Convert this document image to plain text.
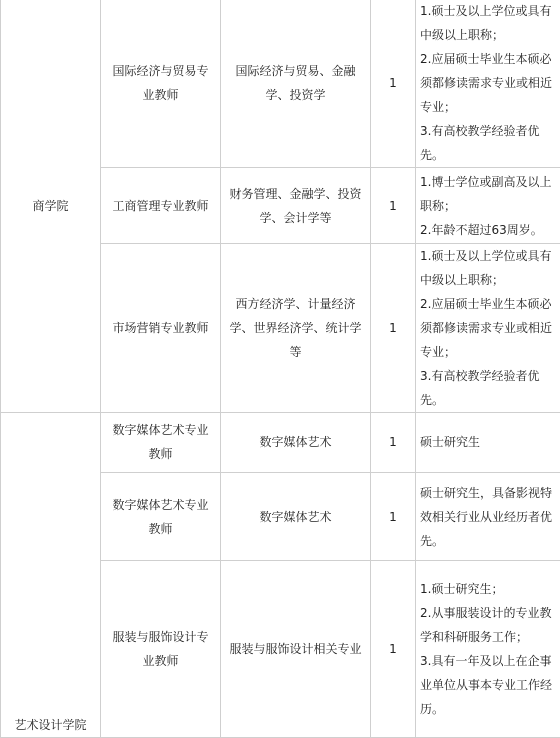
商学院	国际经济与贸易专业教师	国际经济与贸易、金融学、投资学	1	1.硕士及以上学位或具有中级以上职称；
2.应届硕士毕业生本硕必须都修读需求专业或相近专业；
3.有高校教学经验者优先。

	工商管理专业教师	财务管理、金融学、投资学、会计学等	1	1.博士学位或副高及以上职称；
2.年龄不超过63周岁。

	市场营销专业教师	西方经济学、计量经济学、世界经济学、统计学等	1	1.硕士及以上学位或具有中级以上职称；
2.应届硕士毕业生本硕必须都修读需求专业或相近专业；
3.有高校教学经验者优先。

艺术设计学院	数字媒体艺术专业教师	数字媒体艺术	1	硕士研究生

	数字媒体艺术专业教师	数字媒体艺术	1	硕士研究生，具备影视特效相关行业从业经历者优先。

	服装与服饰设计专业教师	服装与服饰设计相关专业	1	1.硕士研究生；
2.从事服装设计的专业教学和科研服务工作；
3.具有一年及以上在企事业单位从事本专业工作经历。
